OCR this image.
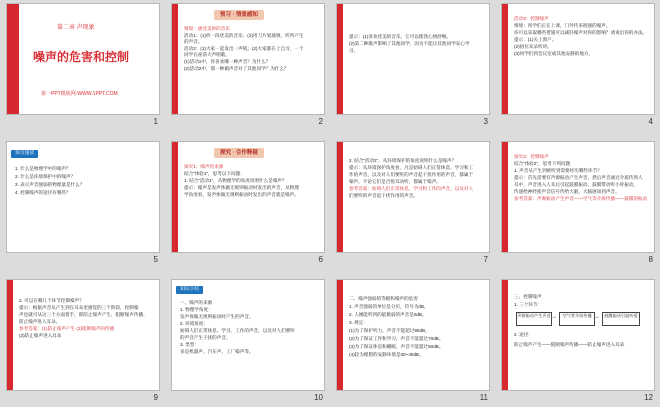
第二章 声现象
噪声的危害和控制
第一PPT模板网-WWW.1PPT.COM
1
预习 · 情景感知
情境：感受美妙的音乐
活动1：(1)听一段优美的音乐；(2)用刀片划玻璃，听所产生
的声音。
活动2：(1)大家一起发出一声吼；(2)大家都在上自习，一个
同学在座前大声唱歌。
(1)活动1中，你喜欢哪一种声音？为什么？
(2)活动2中，那一种做声音对了其他同学？为什么？
2
提示：(1)喜欢优美的音乐，它可以使我心情舒畅。
(2)第二种歌声影响了其他同学，因为不能让其他同学安心学
习。
3
活动3：控制噪声
情境：同学们正在上课，门外传来很强的噪声。
你可以采取哪些措施可以减轻噪声对你的影响？请说出你的办法。
提示：(1)关上窗户。
(2)捂住耳朵听讲。
(3)同学们到会议室或其他安静的地方。
4
预习速读
1. 什么是物理学中的噪声？
2. 什么是环境保护中的噪声？
3. 表示声音强弱的物理量是什么？
4. 控制噪声的途径有哪些？
5
探究 · 合作释疑
探究1：噪声的来源
结合“体验1”，思考以下问题：
1. 结合“活动1”，从物理学的角度说明什么是噪声？
提示：噪声是发声体做无规则振动时发出的声音，从物理
学角度看，发声体做无规则振动时发出的声音就是噪声。
6
2. 结合“活动2”，从环境保护的角度说明什么是噪声？
提示：从环境保护角度看，凡是妨碍人们正常休息、学习和工
作的声音，以及对人们要听的声音起干扰作用的声音，都属于
噪声，不论它们是否悦耳动听，都属于噪声。
参考答案：妨碍人们正常休息、学习和工作的声音，以及对人
们要听的声音起干扰作用的声音。
7
探究2：控制噪声
结合“体验2”，思考下列问题
1. 声音从产生到被听到需要经历哪些环节？
提示：首先需要有声源振动产生声音，然后声音通过介质传到人
耳中，声音进入人耳后引起鼓膜振动，鼓膜带动听小骨振动，
传递给神经使声音信号传给大脑，大脑感知到声音。
参考答案：声源振动产生声音——空气等介质传播——鼓膜的振动
8
2. 可以在哪几个环节控制噪声？
提示：根据声音从产生到在耳朵里感觉的三个阶段，控制噪
声也就可从这三个方面着手，即防止噪声产生、阻断噪声传播、
防止噪声进入耳朵。
参考答案：(1)防止噪声产生 (2)阻断噪声的传播
(3)防止噪声进入耳朵
9
知识小结
一、噪声的来源
1. 物理学角度：
发声体做无规则振动时产生的声音。
2. 环境角度：
妨碍人们正常休息、学习、工作的声音，以及对人们要听
的声音产生干扰的声音。
3. 类型：
多是机器声、汽车声、工厂噪声等。
10
二、噪声强弱的等级和噪声的危害
1. 声音强弱的单位是分贝，符号为dB。
2. 人刚能听到的最微弱的声音是0dB。
3. 规定：
(1)为了保护听力，声音不能超过90dB。
(2)为了保证工作和学习，声音不能超过70dB。
(3)为了保证休息和睡眠，声音不能超过50dB。
(4)较为理想的安静环境是30~40dB。
11
三、控制噪声
1. 三个环节：
声源振动产生声音 →	空气等介质传播 →	鼓膜振动引起听觉
2. 途径：
防止噪声产生——阻断噪声传播——防止噪声进入耳朵
12
